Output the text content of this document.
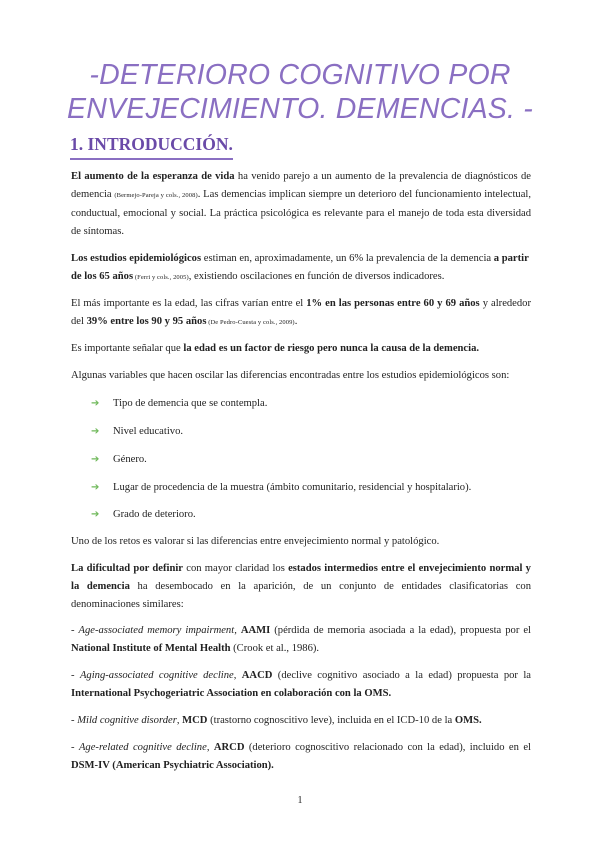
-DETERIORO COGNITIVO POR
ENVEJECIMIENTO. DEMENCIAS. -
1. INTRODUCCIÓN.

El aumento de la esperanza de vida ha venido parejo a un aumento de la prevalencia de diagnósticos de demencia (Bermejo-Pareja y cols., 2008). Las demencias implican siempre un deterioro del funcionamiento intelectual, conductual, emocional y social. La práctica psicológica es relevante para el manejo de toda esta diversidad de síntomas.

Los estudios epidemiológicos estiman en, aproximadamente, un 6% la prevalencia de la demencia a partir de los 65 años (Ferri y cols., 2005), existiendo oscilaciones en función de diversos indicadores.

El más importante es la edad, las cifras varían entre el 1% en las personas entre 60 y 69 años y alrededor del 39% entre los 90 y 95 años (De Pedro-Cuesta y cols., 2009).

Es importante señalar que la edad es un factor de riesgo pero nunca la causa de la demencia.

Algunas variables que hacen oscilar las diferencias encontradas entre los estudios epidemiológicos son:

➔ Tipo de demencia que se contempla.
➔ Nivel educativo.
➔ Género.
➔ Lugar de procedencia de la muestra (ámbito comunitario, residencial y hospitalario).
➔ Grado de deterioro.

Uno de los retos es valorar si las diferencias entre envejecimiento normal y patológico.

La dificultad por definir con mayor claridad los estados intermedios entre el envejecimiento normal y la demencia ha desembocado en la aparición, de un conjunto de entidades clasificatorias con denominaciones similares:

- Age-associated memory impairment, AAMI (pérdida de memoria asociada a la edad), propuesta por el National Institute of Mental Health (Crook et al., 1986).

- Aging-associated cognitive decline, AACD (declive cognitivo asociado a la edad) propuesta por la International Psychogeriatric Association en colaboración con la OMS.

- Mild cognitive disorder, MCD (trastorno cognoscitivo leve), incluida en el ICD-10 de la OMS.

- Age-related cognitive decline, ARCD (deterioro cognoscitivo relacionado con la edad), incluido en el DSM-IV (American Psychiatric Association).

1
